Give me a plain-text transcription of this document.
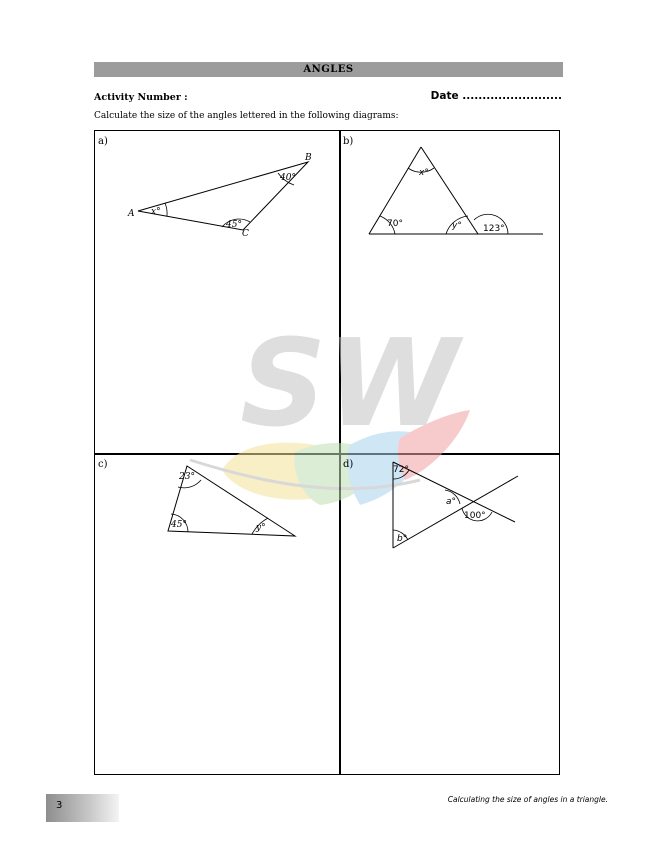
ANGLES
Activity Number :	Date .........................
Calculate the size of the angles lettered in the following diagrams:
SW
a)	b)
c)	d)
A
B
C
x°
40°
45°
x°
70°	y° 123°
23°
45°	y°
72°
a°
100°
b°
3
Calculating the size of angles in a triangle.
